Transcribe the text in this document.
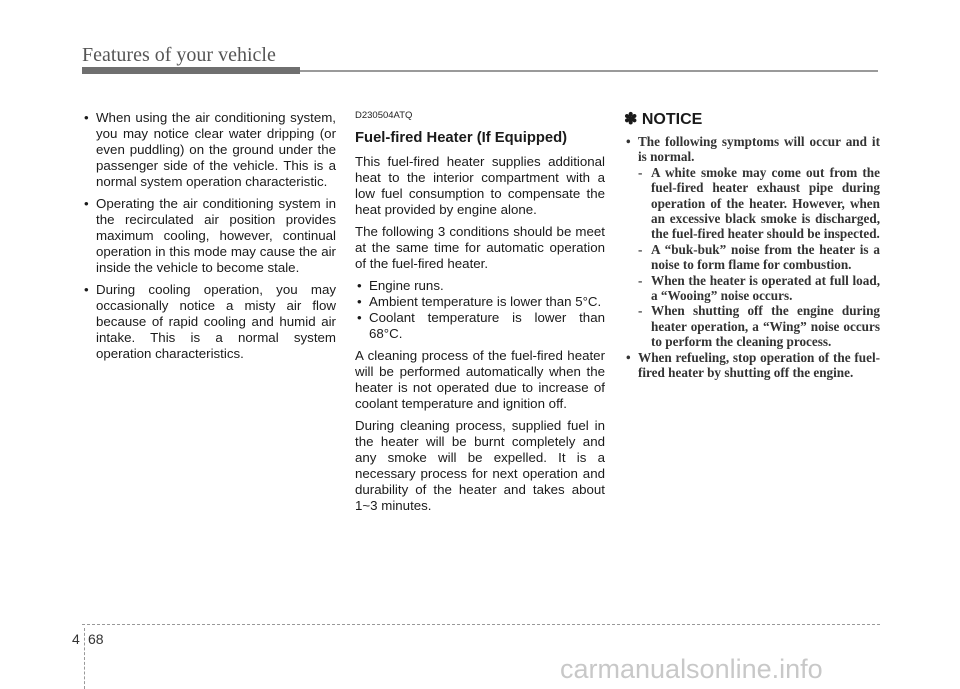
Features of your vehicle
• When using the air conditioning system, you may notice clear water dripping (or even puddling) on the ground under the passenger side of the vehicle. This is a normal system operation characteristic.
• Operating the air conditioning system in the recirculated air position provides maximum cooling, however, continual operation in this mode may cause the air inside the vehicle to become stale.
• During cooling operation, you may occasionally notice a misty air flow because of rapid cooling and humid air intake. This is a normal system operation characteristics.
D230504ATQ
Fuel-fired Heater (If Equipped)

This fuel-fired heater supplies additional heat to the interior compartment with a low fuel consumption to compensate the heat provided by engine alone.

The following 3 conditions should be meet at the same time for automatic operation of the fuel-fired heater.

• Engine runs.
• Ambient temperature is lower than 5°C.
• Coolant temperature is lower than 68°C.

A cleaning process of the fuel-fired heater will be performed automatically when the heater is not operated due to increase of coolant temperature and ignition off.

During cleaning process, supplied fuel in the heater will be burnt completely and any smoke will be expelled. It is a necessary process for next operation and durability of the heater and takes about 1~3 minutes.

✽ NOTICE

• The following symptoms will occur and it is normal.

- A white smoke may come out from the fuel-fired heater exhaust pipe during operation of the heater. However, when an excessive black smoke is discharged, the fuel-fired heater should be inspected.

- A “buk-buk” noise from the heater is a noise to form flame for combustion.

- When the heater is operated at full load, a “Wooing” noise occurs.

- When shutting off the engine during heater operation, a “Wing” noise occurs to perform the cleaning process.

• When refueling, stop operation of the fuel-fired heater by shutting off the engine.

4 68
carmanualsonline.info
